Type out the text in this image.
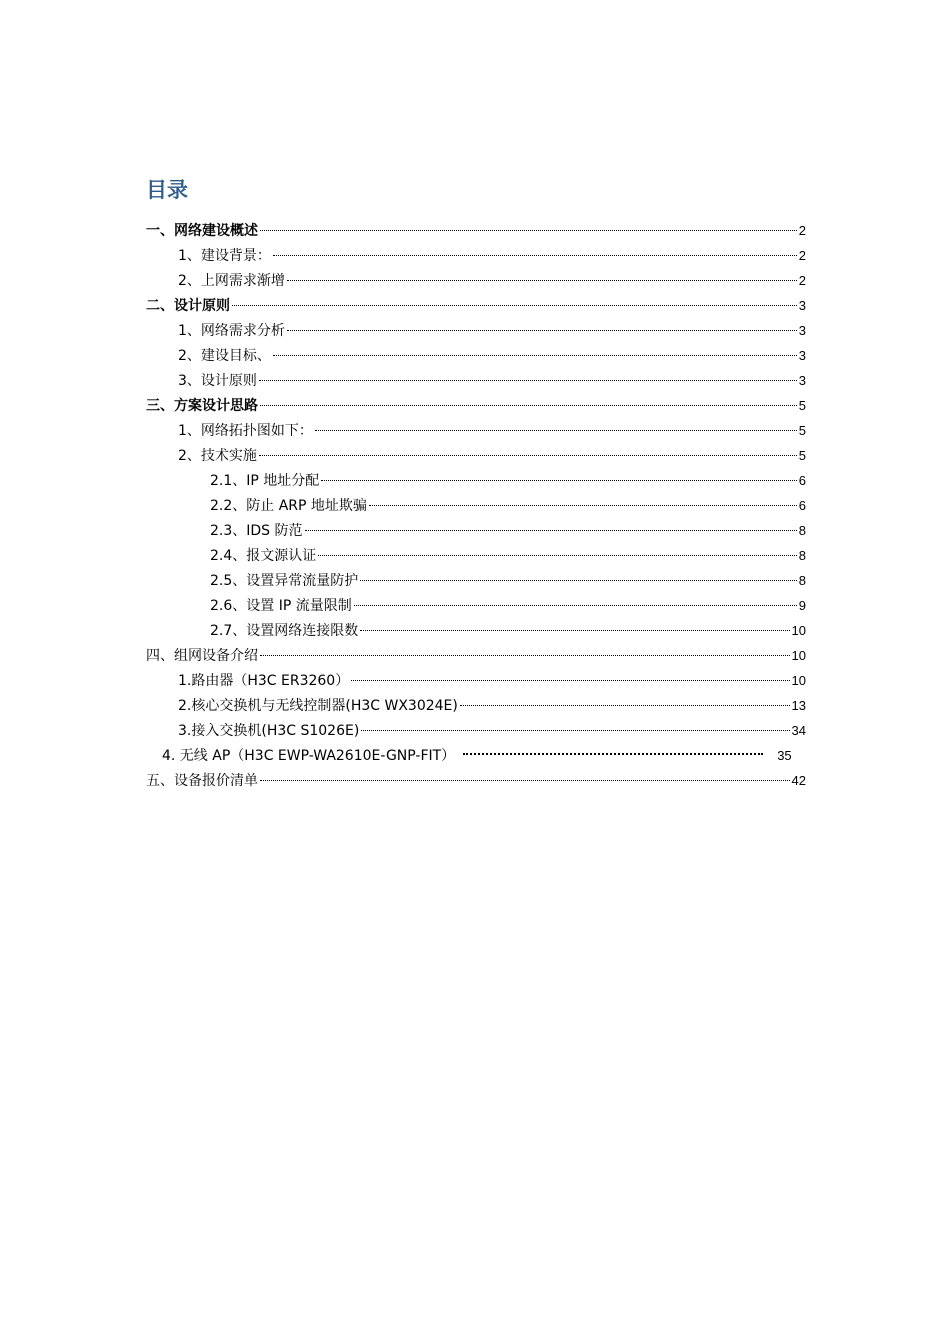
目录
一、网络建设概述	2
1、建设背景：	2
2、上网需求渐增	2
二、设计原则	3
1、网络需求分析	3
2、建设目标、	3
3、设计原则	3
三、方案设计思路	5
1、网络拓扑图如下：	5
2、技术实施	5
2.1、IP 地址分配	6
2.2、防止 ARP 地址欺骗	6
2.3、IDS 防范	8
2.4、报文源认证	8
2.5、设置异常流量防护	8
2.6、设置 IP 流量限制	9
2.7、设置网络连接限数	10
四、组网设备介绍	10
1.路由器（H3C ER3260）	10
2.核心交换机与无线控制器(H3C WX3024E)	13
3.接入交换机(H3C S1026E)	34
4. 无线 AP（H3C EWP-WA2610E-GNP-FIT）	35
五、设备报价清单	42
